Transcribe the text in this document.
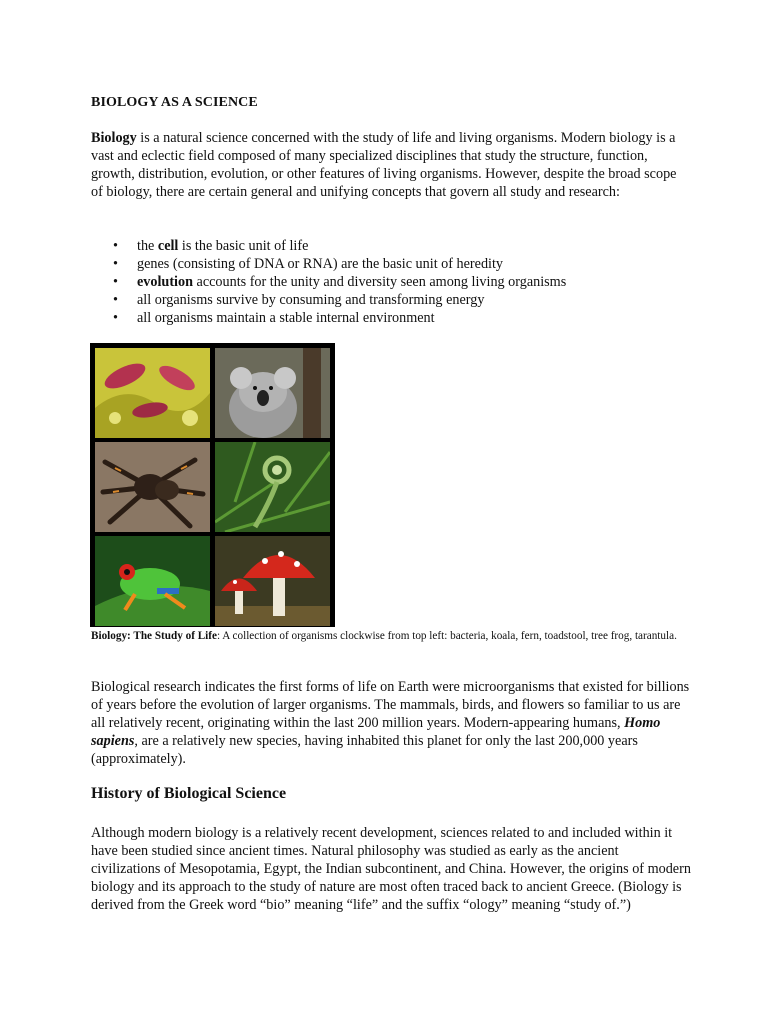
BIOLOGY AS A SCIENCE

Biology is a natural science concerned with the study of life and living organisms. Modern biology is a vast and eclectic field composed of many specialized disciplines that study the structure, function, growth, distribution, evolution, or other features of living organisms. However, despite the broad scope of biology, there are certain general and unifying concepts that govern all study and research:

• the cell is the basic unit of life
• genes (consisting of DNA or RNA) are the basic unit of heredity
• evolution accounts for the unity and diversity seen among living organisms
• all organisms survive by consuming and transforming energy
• all organisms maintain a stable internal environment

Biology: The Study of Life: A collection of organisms clockwise from top left: bacteria, koala, fern, toadstool, tree frog, tarantula.

Biological research indicates the first forms of life on Earth were microorganisms that existed for billions of years before the evolution of larger organisms. The mammals, birds, and flowers so familiar to us are all relatively recent, originating within the last 200 million years. Modern-appearing humans, Homo sapiens, are a relatively new species, having inhabited this planet for only the last 200,000 years (approximately).

History of Biological Science

Although modern biology is a relatively recent development, sciences related to and included within it have been studied since ancient times. Natural philosophy was studied as early as the ancient civilizations of Mesopotamia, Egypt, the Indian subcontinent, and China. However, the origins of modern biology and its approach to the study of nature are most often traced back to ancient Greece. (Biology is derived from the Greek word “bio” meaning “life” and the suffix “ology” meaning “study of.”)
